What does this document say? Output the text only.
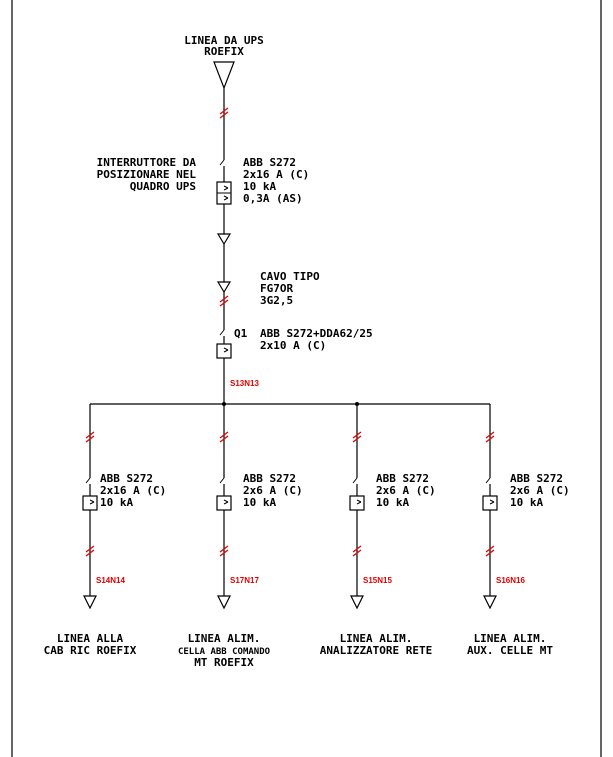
LINEA DA UPS
ROEFIX
INTERRUTTORE DA
POSIZIONARE NEL
QUADRO UPS
ABB S272
2x16 A (C)
10 kA
0,3A (AS)
CAVO TIPO
FG7OR
3G2,5
Q1 ABB S272+DDA62/25
2x10 A (C)
S13N13
ABB S272
2x16 A (C)
10 kA
S14N14
LINEA ALLA
CAB RIC ROEFIX
ABB S272
2x6 A (C)
10 kA
S17N17
LINEA ALIM.
CELLA ABB COMANDO
MT ROEFIX
ABB S272
2x6 A (C)
10 kA
S15N15
LINEA ALIM.
ANALIZZATORE RETE
ABB S272
2x6 A (C)
10 kA
S16N16
LINEA ALIM.
AUX. CELLE MT
